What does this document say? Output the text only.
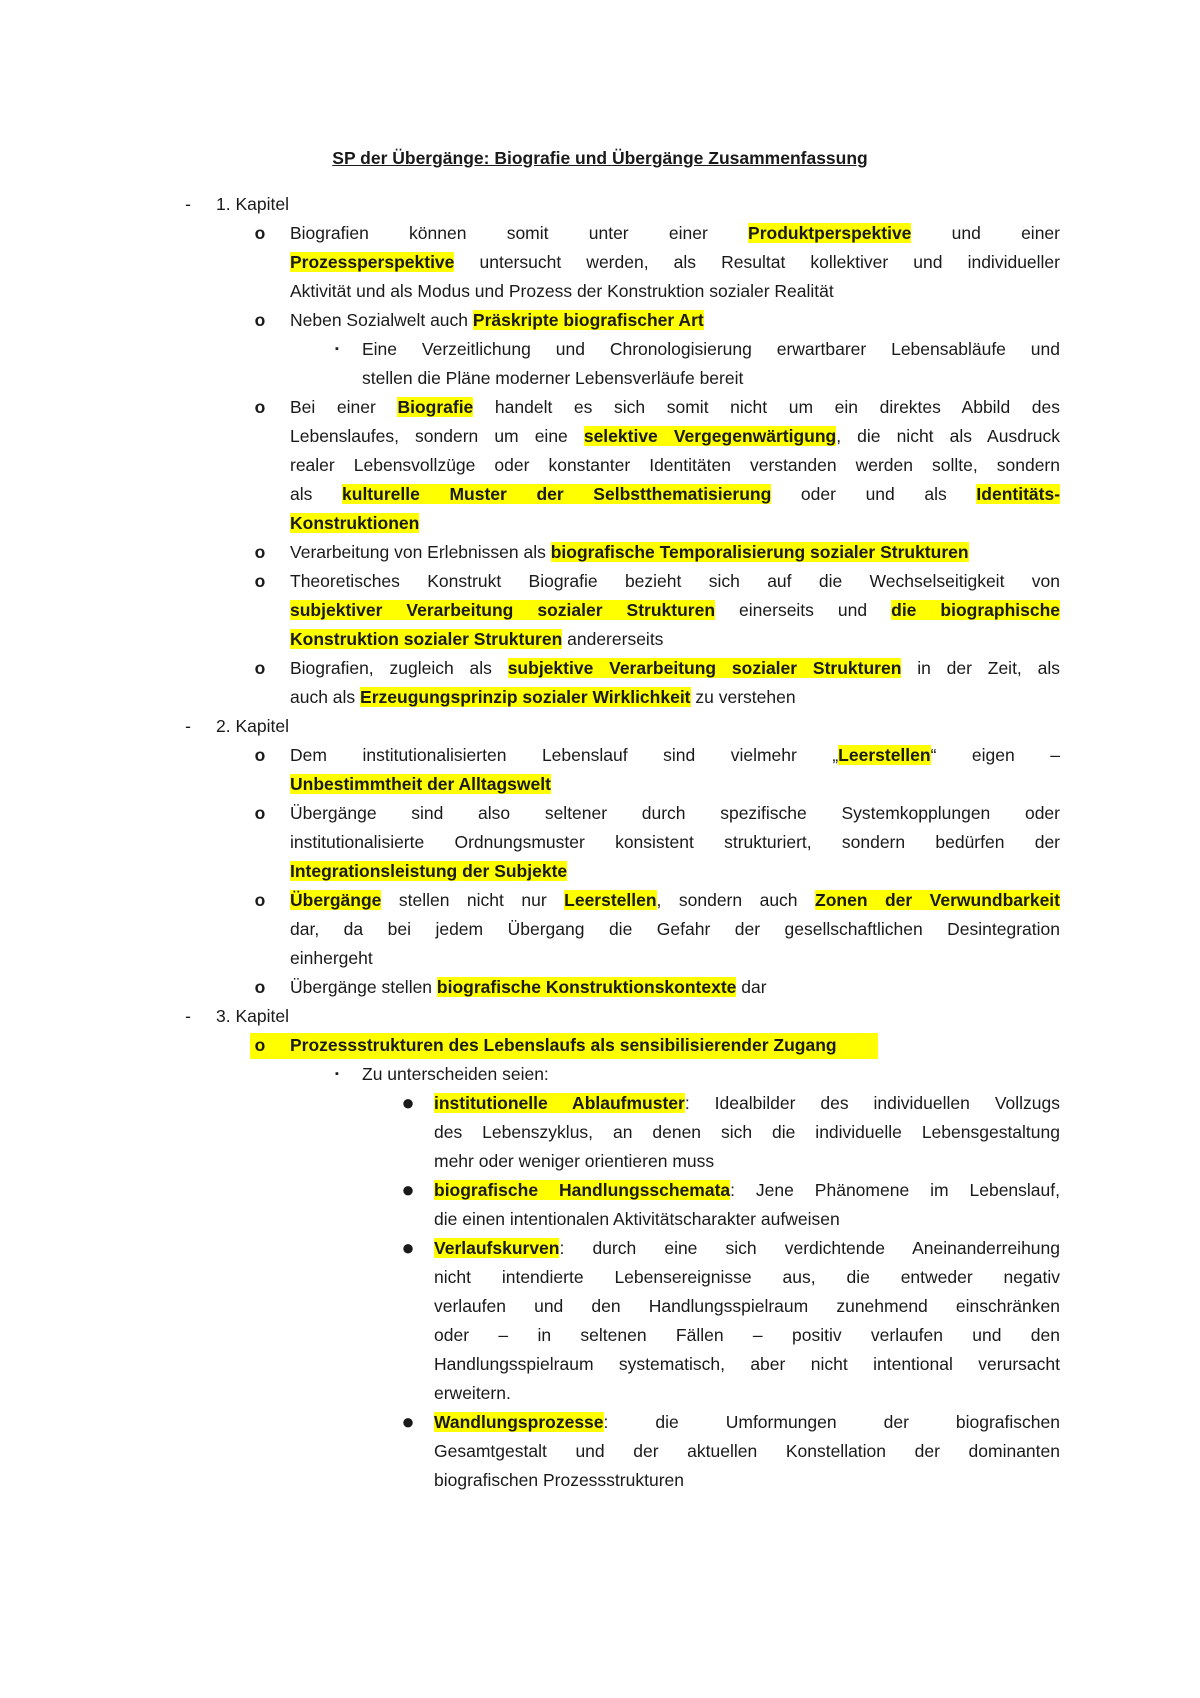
SP der Übergänge: Biografie und Übergänge Zusammenfassung
- 1. Kapitel
o Biografien können somit unter einer Produktperspektive und einer
Prozessperspektive untersucht werden, als Resultat kollektiver und individueller
Aktivität und als Modus und Prozess der Konstruktion sozialer Realität
o Neben Sozialwelt auch Präskripte biografischer Art
▪ Eine Verzeitlichung und Chronologisierung erwartbarer Lebensabläufe und
stellen die Pläne moderner Lebensverläufe bereit
o Bei einer Biografie handelt es sich somit nicht um ein direktes Abbild des
Lebenslaufes, sondern um eine selektive Vergegenwärtigung, die nicht als Ausdruck
realer Lebensvollzüge oder konstanter Identitäten verstanden werden sollte, sondern
als kulturelle Muster der Selbstthematisierung oder und als Identitäts-
Konstruktionen
o Verarbeitung von Erlebnissen als biografische Temporalisierung sozialer Strukturen
o Theoretisches Konstrukt Biografie bezieht sich auf die Wechselseitigkeit von
subjektiver Verarbeitung sozialer Strukturen einerseits und die biographische
Konstruktion sozialer Strukturen andererseits
o Biografien, zugleich als subjektive Verarbeitung sozialer Strukturen in der Zeit, als
auch als Erzeugungsprinzip sozialer Wirklichkeit zu verstehen
- 2. Kapitel
o Dem institutionalisierten Lebenslauf sind vielmehr „Leerstellen“ eigen –
Unbestimmtheit der Alltagswelt
o Übergänge sind also seltener durch spezifische Systemkopplungen oder
institutionalisierte Ordnungsmuster konsistent strukturiert, sondern bedürfen der
Integrationsleistung der Subjekte
o Übergänge stellen nicht nur Leerstellen, sondern auch Zonen der Verwundbarkeit
dar, da bei jedem Übergang die Gefahr der gesellschaftlichen Desintegration
einhergeht
o Übergänge stellen biografische Konstruktionskontexte dar
- 3. Kapitel
o Prozessstrukturen des Lebenslaufs als sensibilisierender Zugang
▪ Zu unterscheiden seien:
● institutionelle Ablaufmuster: Idealbilder des individuellen Vollzugs
des Lebenszyklus, an denen sich die individuelle Lebensgestaltung
mehr oder weniger orientieren muss
● biografische Handlungsschemata: Jene Phänomene im Lebenslauf,
die einen intentionalen Aktivitätscharakter aufweisen
● Verlaufskurven: durch eine sich verdichtende Aneinanderreihung
nicht intendierte Lebensereignisse aus, die entweder negativ
verlaufen und den Handlungsspielraum zunehmend einschränken
oder – in seltenen Fällen – positiv verlaufen und den
Handlungsspielraum systematisch, aber nicht intentional verursacht
erweitern.
● Wandlungsprozesse: die Umformungen der biografischen
Gesamtgestalt und der aktuellen Konstellation der dominanten
biografischen Prozessstrukturen
